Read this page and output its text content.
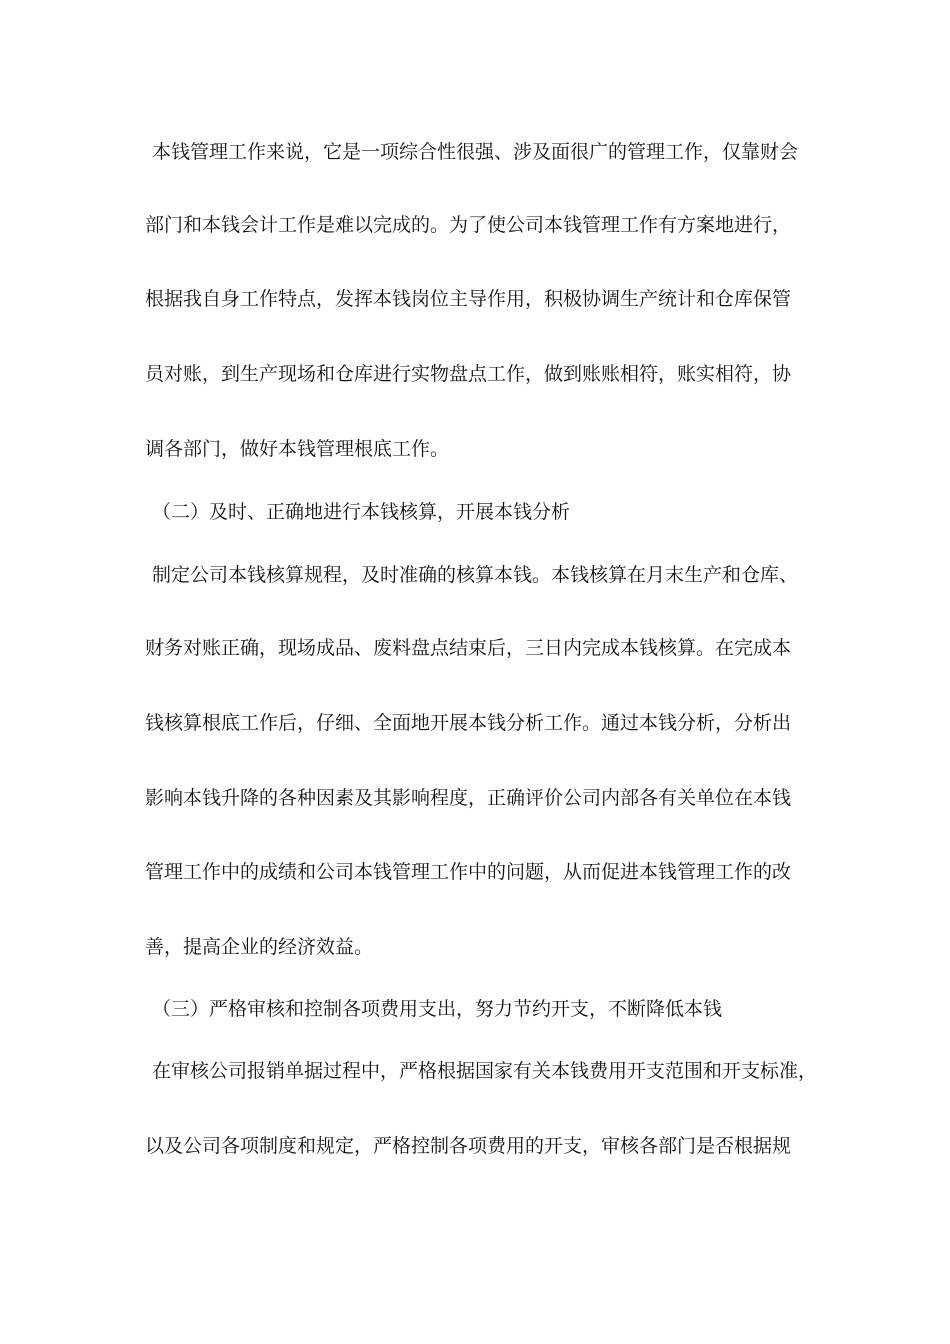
本钱管理工作来说，它是一项综合性很强、涉及面很广的管理工作，仅靠财会
部门和本钱会计工作是难以完成的。为了使公司本钱管理工作有方案地进行，
根据我自身工作特点，发挥本钱岗位主导作用，积极协调生产统计和仓库保管
员对账，到生产现场和仓库进行实物盘点工作，做到账账相符，账实相符，协
调各部门，做好本钱管理根底工作。
（二）及时、正确地进行本钱核算，开展本钱分析
制定公司本钱核算规程，及时准确的核算本钱。本钱核算在月末生产和仓库、
财务对账正确，现场成品、废料盘点结束后，三日内完成本钱核算。在完成本
钱核算根底工作后，仔细、全面地开展本钱分析工作。通过本钱分析，分析出
影响本钱升降的各种因素及其影响程度，正确评价公司内部各有关单位在本钱
管理工作中的成绩和公司本钱管理工作中的问题，从而促进本钱管理工作的改
善，提高企业的经济效益。
（三）严格审核和控制各项费用支出，努力节约开支，不断降低本钱
在审核公司报销单据过程中，严格根据国家有关本钱费用开支范围和开支标准，
以及公司各项制度和规定，严格控制各项费用的开支，审核各部门是否根据规
